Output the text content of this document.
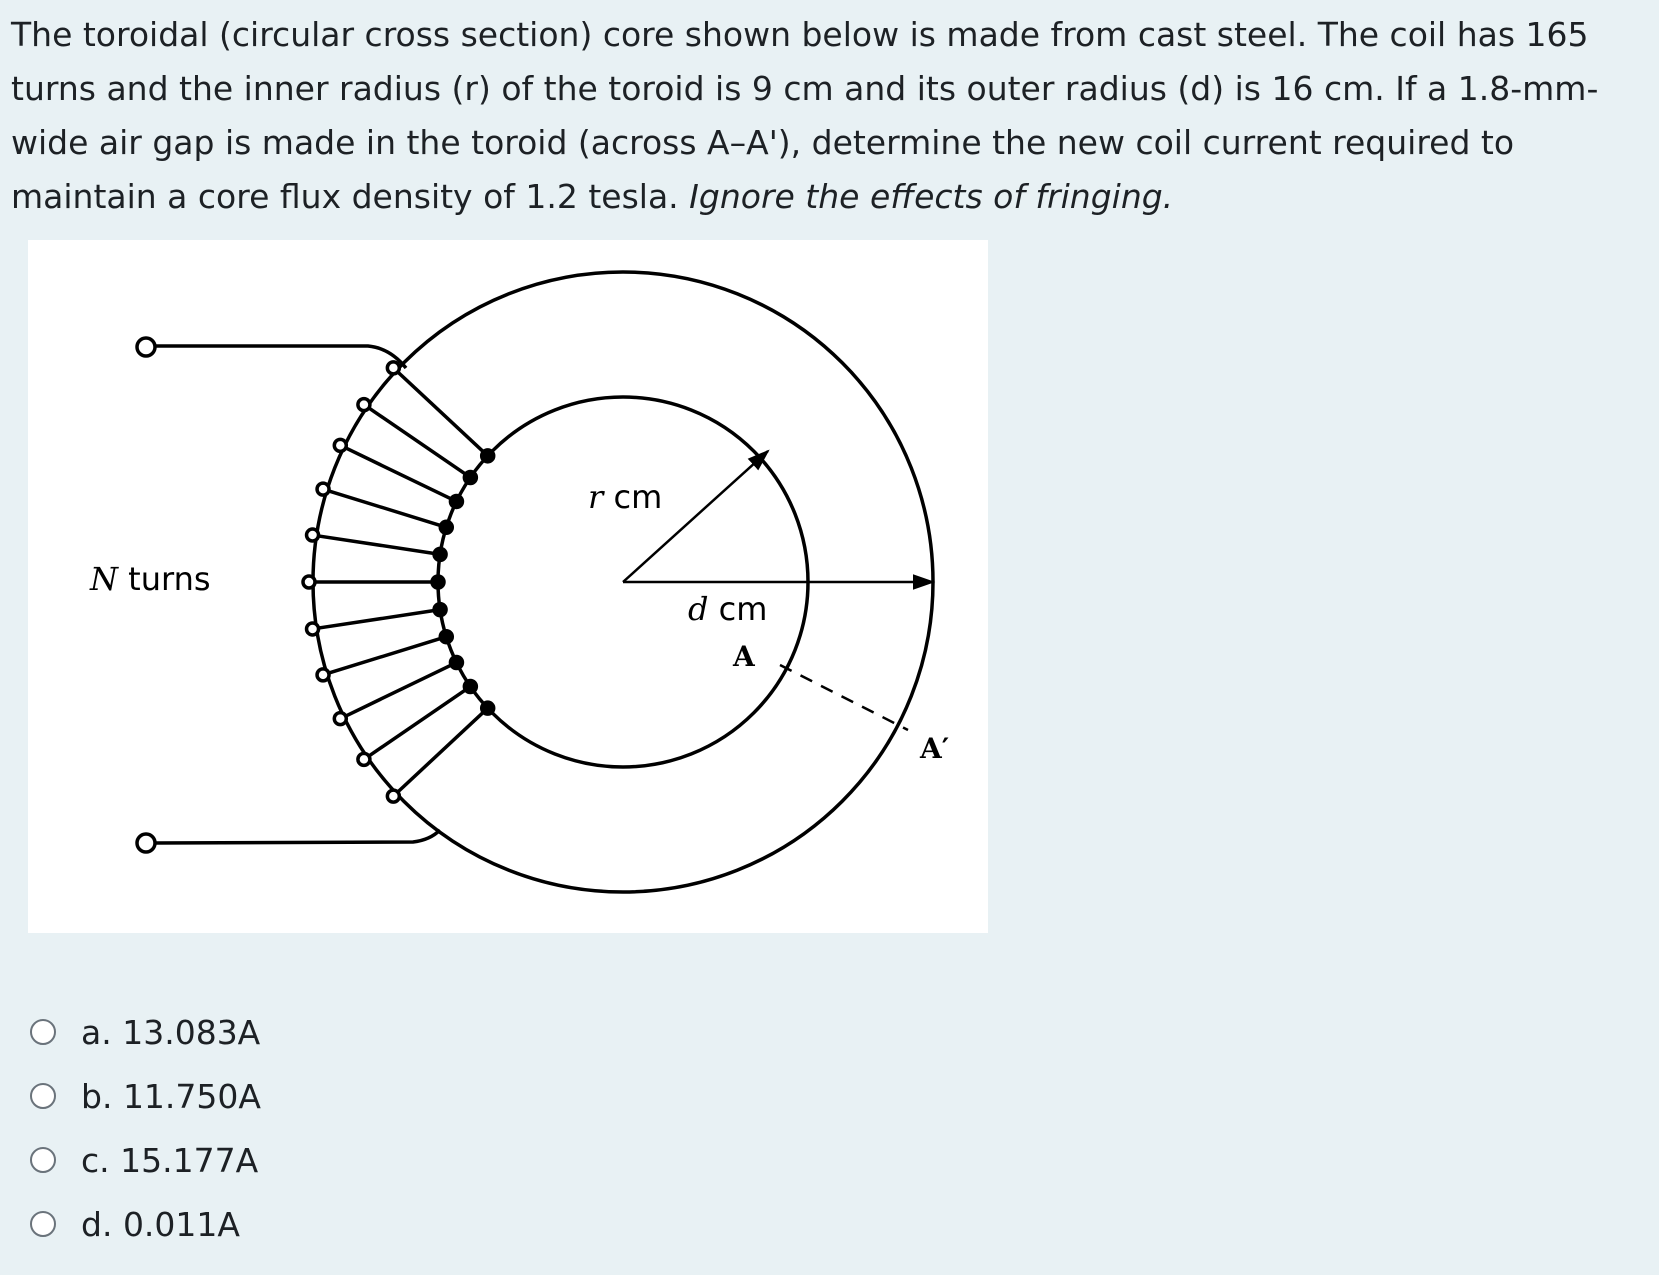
The toroidal (circular cross section) core shown below is made from cast steel. The coil has 165 turns and the inner radius (r) of the toroid is 9 cm and its outer radius (d) is 16 cm. If a 1.8-mm-wide air gap is made in the toroid (across A–A'), determine the new coil current required to maintain a core flux density of 1.2 tesla. Ignore the effects of fringing.
N turns
r cm
d cm
A
A′
a. 13.083A
b. 11.750A
c. 15.177A
d. 0.011A
